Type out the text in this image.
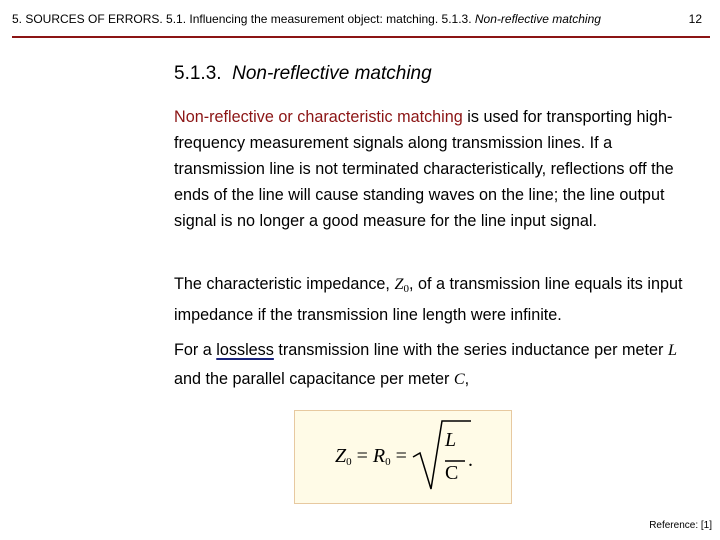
5. SOURCES OF ERRORS. 5.1. Influencing the measurement object: matching. 5.1.3. Non-reflective matching	12
5.1.3. Non-reflective matching
Non-reflective or characteristic matching is used for transporting high-frequency measurement signals along transmission lines. If a transmission line is not terminated characteristically, reflections off the ends of the line will cause standing waves on the line; the line output signal is no longer a good measure for the line input signal.
The characteristic impedance, $Z_0$, of a transmission line equals its input impedance if the transmission line length were infinite.
For a lossless transmission line with the series inductance per meter L and the parallel capacitance per meter C,
$Z_0 = R_0$ =
L
C
.
Reference: [1]
